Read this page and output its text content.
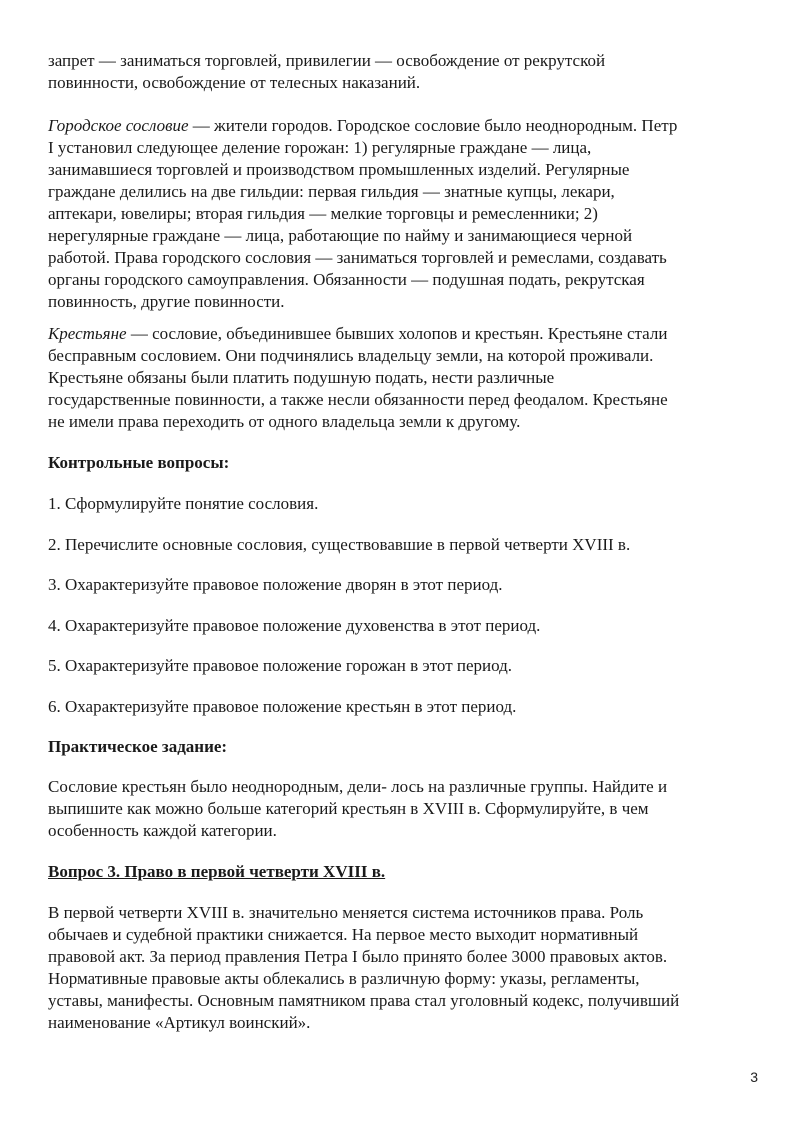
запрет — заниматься торговлей, привилегии — освобождение от рекрутской

повинности, освобождение от телесных наказаний.

Городское сословие — жители городов. Городское сословие было неоднородным. Петр

I установил следующее деление горожан: 1) регулярные граждане — лица,

занимавшиеся торговлей и производством промышленных изделий. Регулярные

граждане делились на две гильдии: первая гильдия — знатные купцы, лекари,

аптекари, ювелиры; вторая гильдия — мелкие торговцы и ремесленники; 2)

нерегулярные граждане — лица, работающие по найму и занимающиеся черной

работой. Права городского сословия — заниматься торговлей и ремеслами, создавать

органы городского самоуправления. Обязанности — подушная подать, рекрутская

повинность, другие повинности.

Крестьяне — сословие, объединившее бывших холопов и крестьян. Крестьяне стали

бесправным сословием. Они подчинялись владельцу земли, на которой проживали.

Крестьяне обязаны были платить подушную подать, нести различные

государственные повинности, а также несли обязанности перед феодалом. Крестьяне

не имели права переходить от одного владельца земли к другому.

Контрольные вопросы:

1. Сформулируйте понятие сословия.

2. Перечислите основные сословия, существовавшие в первой четверти XVIII в.

3. Охарактеризуйте правовое положение дворян в этот период.

4. Охарактеризуйте правовое положение духовенства в этот период.

5. Охарактеризуйте правовое положение горожан в этот период.

6. Охарактеризуйте правовое положение крестьян в этот период.

Практическое задание:

Сословие крестьян было неоднородным, дели- лось на различные группы. Найдите и

выпишите как можно больше категорий крестьян в XVIII в. Сформулируйте, в чем

особенность каждой категории.

Вопрос 3. Право в первой четверти XVIII в.

В первой четверти XVIII в. значительно меняется система источников права. Роль

обычаев и судебной практики снижается. На первое место выходит нормативный

правовой акт. За период правления Петра I было принято более 3000 правовых актов.

Нормативные правовые акты облекались в различную форму: указы, регламенты,

уставы, манифесты. Основным памятником права стал уголовный кодекс, получивший

наименование «Артикул воинский».

3
